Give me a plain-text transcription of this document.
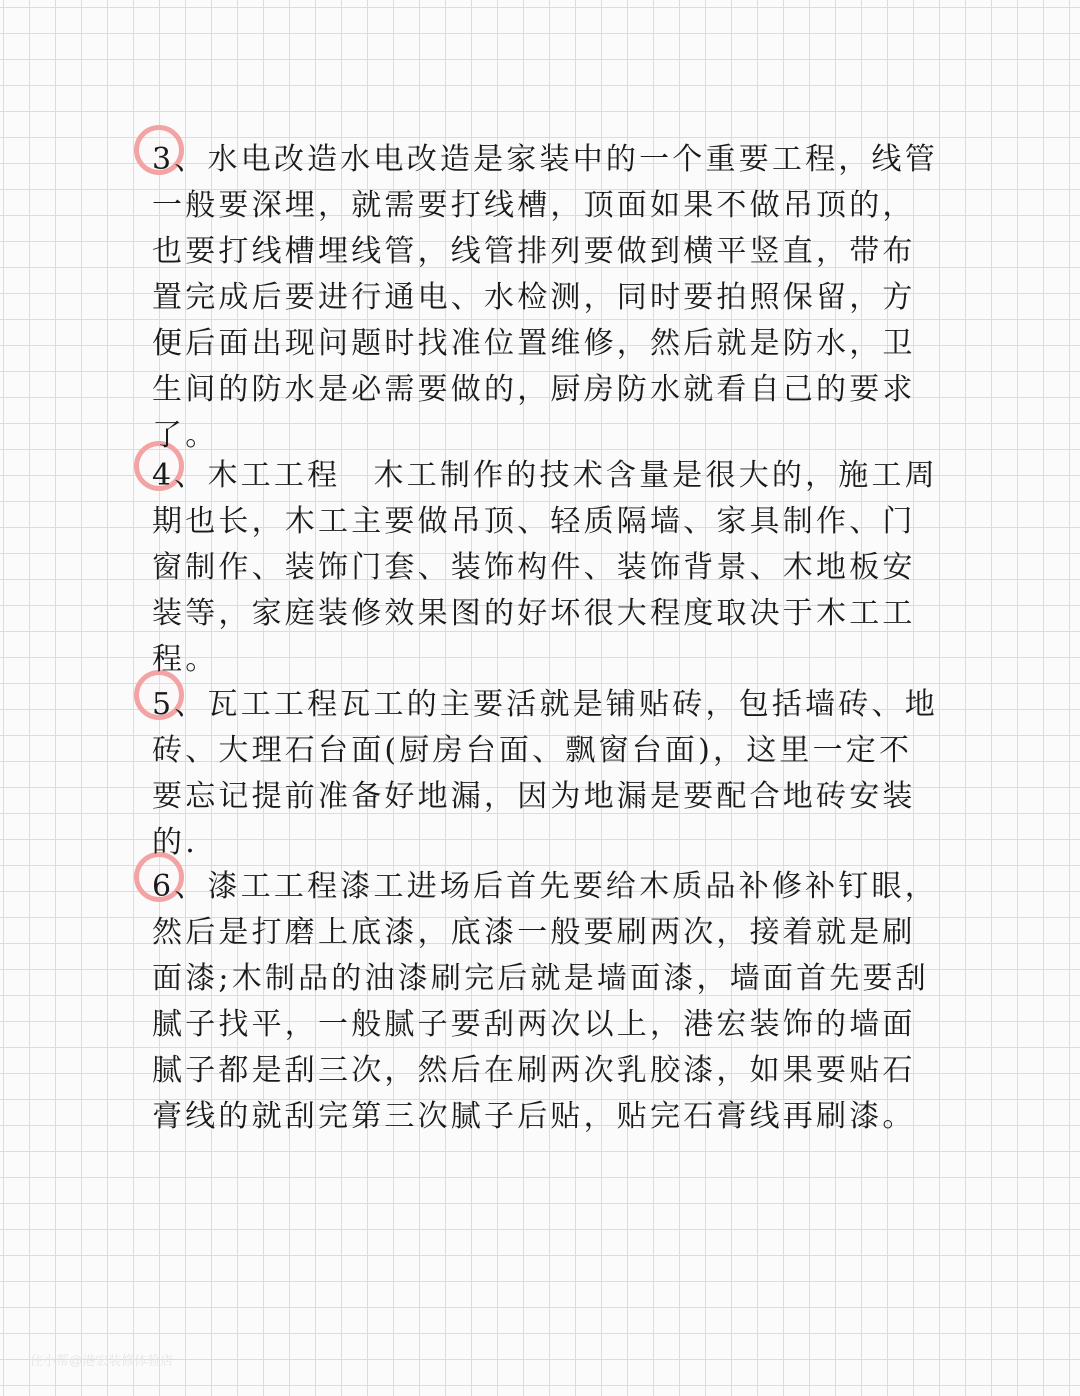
3、水电改造水电改造是家装中的一个重要工程，线管一般要深埋，就需要打线槽，顶面如果不做吊顶的，也要打线槽埋线管，线管排列要做到横平竖直，带布置完成后要进行通电、水检测，同时要拍照保留，方便后面出现问题时找准位置维修，然后就是防水，卫生间的防水是必需要做的，厨房防水就看自己的要求了。
4、木工工程　木工制作的技术含量是很大的，施工周期也长，木工主要做吊顶、轻质隔墙、家具制作、门窗制作、装饰门套、装饰构件、装饰背景、木地板安装等，家庭装修效果图的好坏很大程度取决于木工工程。
5、瓦工工程瓦工的主要活就是铺贴砖，包括墙砖、地砖、大理石台面(厨房台面、飘窗台面)，这里一定不要忘记提前准备好地漏，因为地漏是要配合地砖安装的.
6、漆工工程漆工进场后首先要给木质品补修补钉眼，然后是打磨上底漆，底漆一般要刷两次，接着就是刷面漆;木制品的油漆刷完后就是墙面漆，墙面首先要刮腻子找平，一般腻子要刮两次以上，港宏装饰的墙面腻子都是刮三次，然后在刷两次乳胶漆，如果要贴石膏线的就刮完第三次腻子后贴，贴完石膏线再刷漆。
住小帮@港宏装修体验店
